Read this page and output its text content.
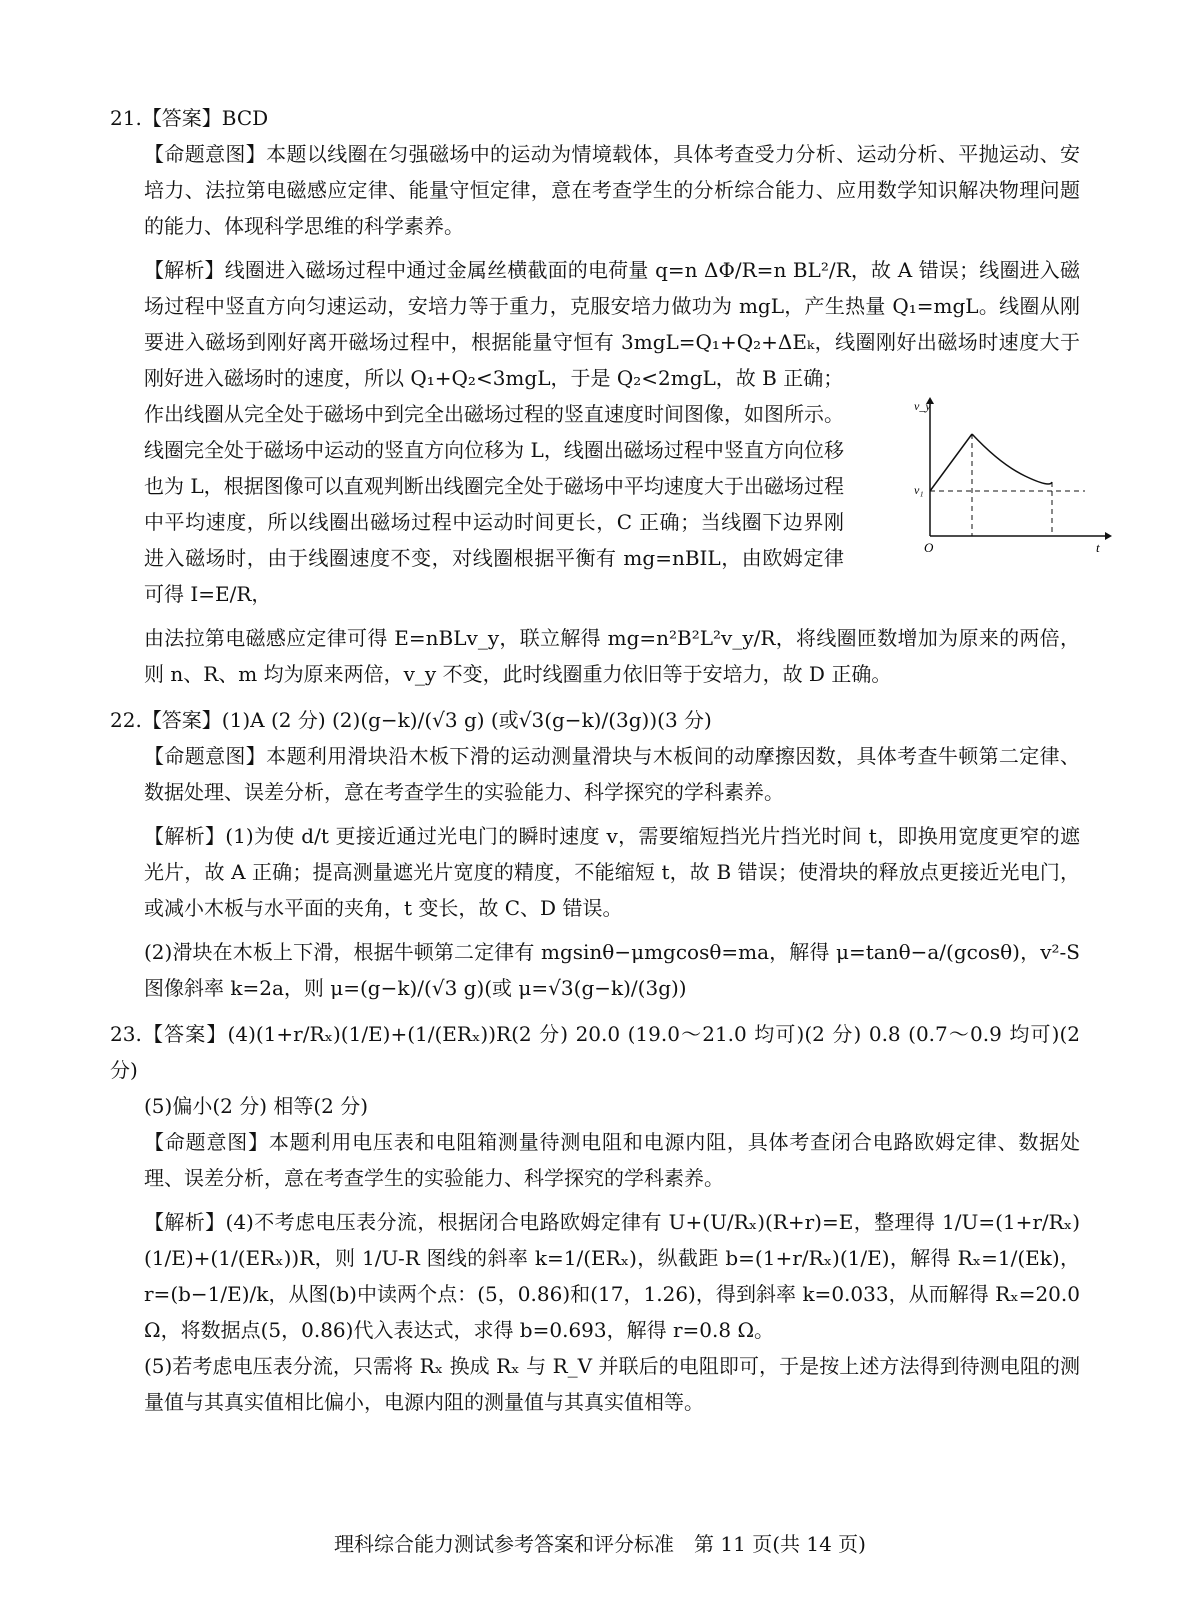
21.【答案】BCD

【命题意图】本题以线圈在匀强磁场中的运动为情境载体，具体考查受力分析、运动分析、平抛运动、安培力、法拉第电磁感应定律、能量守恒定律，意在考查学生的分析综合能力、应用数学知识解决物理问题的能力、体现科学思维的科学素养。

【解析】线圈进入磁场过程中通过金属丝横截面的电荷量 q=n ΔΦ/R=n BL²/R，故 A 错误；线圈进入磁场过程中竖直方向匀速运动，安培力等于重力，克服安培力做功为 mgL，产生热量 Q₁=mgL。线圈从刚要进入磁场到刚好离开磁场过程中，根据能量守恒有 3mgL=Q₁+Q₂+ΔEₖ，线圈刚好出磁场时速度大于刚好进入磁场时的速度，所以 Q₁+Q₂<3mgL，于是 Q₂<2mgL，故 B 正确；

作出线圈从完全处于磁场中到完全出磁场过程的竖直速度时间图像，如图所示。线圈完全处于磁场中运动的竖直方向位移为 L，线圈出磁场过程中竖直方向位移也为 L，根据图像可以直观判断出线圈完全处于磁场中平均速度大于出磁场过程中平均速度，所以线圈出磁场过程中运动时间更长，C 正确；当线圈下边界刚进入磁场时，由于线圈速度不变，对线圈根据平衡有 mg=nBIL，由欧姆定律可得 I=E/R，

v_y
v₁
O	t

由法拉第电磁感应定律可得 E=nBLv_y，联立解得 mg=n²B²L²v_y/R，将线圈匝数增加为原来的两倍，则 n、R、m 均为原来两倍，v_y 不变，此时线圈重力依旧等于安培力，故 D 正确。

22.【答案】(1)A (2 分) (2)(g−k)/(√3 g) (或√3(g−k)/(3g))(3 分)

【命题意图】本题利用滑块沿木板下滑的运动测量滑块与木板间的动摩擦因数，具体考查牛顿第二定律、数据处理、误差分析，意在考查学生的实验能力、科学探究的学科素养。

【解析】(1)为使 d/t 更接近通过光电门的瞬时速度 v，需要缩短挡光片挡光时间 t，即换用宽度更窄的遮光片，故 A 正确；提高测量遮光片宽度的精度，不能缩短 t，故 B 错误；使滑块的释放点更接近光电门，或减小木板与水平面的夹角，t 变长，故 C、D 错误。

(2)滑块在木板上下滑，根据牛顿第二定律有 mgsinθ−μmgcosθ=ma，解得 μ=tanθ−a/(gcosθ)，v²-S 图像斜率 k=2a，则 μ=(g−k)/(√3 g)(或 μ=√3(g−k)/(3g))

23.【答案】(4)(1+r/Rₓ)(1/E)+(1/(ERₓ))R(2 分) 20.0 (19.0～21.0 均可)(2 分) 0.8 (0.7～0.9 均可)(2 分)

(5)偏小(2 分) 相等(2 分)

【命题意图】本题利用电压表和电阻箱测量待测电阻和电源内阻，具体考查闭合电路欧姆定律、数据处理、误差分析，意在考查学生的实验能力、科学探究的学科素养。

【解析】(4)不考虑电压表分流，根据闭合电路欧姆定律有 U+(U/Rₓ)(R+r)=E，整理得 1/U=(1+r/Rₓ)(1/E)+(1/(ERₓ))R，则 1/U-R 图线的斜率 k=1/(ERₓ)，纵截距 b=(1+r/Rₓ)(1/E)，解得 Rₓ=1/(Ek)，r=(b−1/E)/k，从图(b)中读两个点：(5，0.86)和(17，1.26)，得到斜率 k=0.033，从而解得 Rₓ=20.0 Ω，将数据点(5，0.86)代入表达式，求得 b=0.693，解得 r=0.8 Ω。

(5)若考虑电压表分流，只需将 Rₓ 换成 Rₓ 与 R_V 并联后的电阻即可，于是按上述方法得到待测电阻的测量值与其真实值相比偏小，电源内阻的测量值与其真实值相等。

理科综合能力测试参考答案和评分标准　第 11 页(共 14 页)
